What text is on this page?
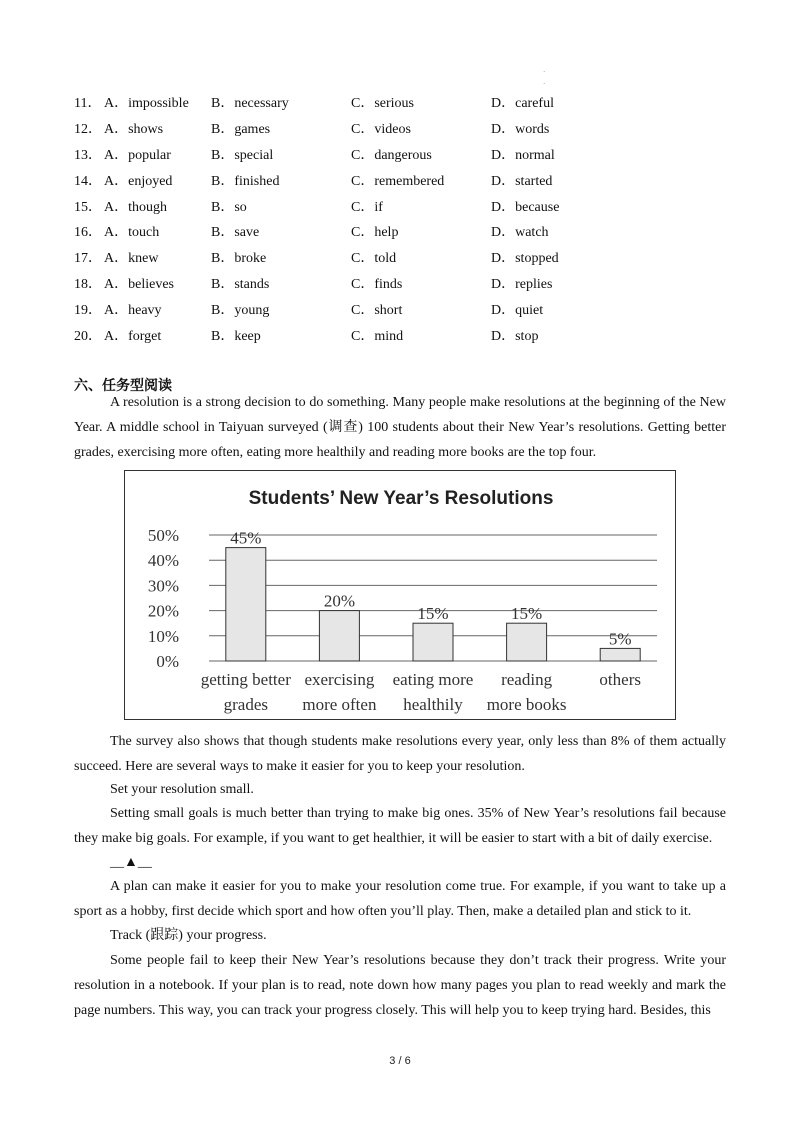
·
·
11． A．impossible B．necessary	C．serious	D．careful
12． A．shows	B．games	C．videos	D．words
13． A．popular	B．special	C．dangerous	D．normal
14． A．enjoyed	B．finished	C．remembered	D．started
15． A．though	B．so	C．if	D．because
16． A．touch	B．save	C．help	D．watch
17． A．knew	B．broke	C．told	D．stopped
18． A．believes	B．stands	C．finds	D．replies
19． A．heavy	B．young	C．short	D．quiet
20． A．forget	B．keep	C．mind	D．stop
六、任务型阅读

A resolution is a strong decision to do something. Many people make resolutions at the beginning of the New Year. A middle school in Taiyuan surveyed (调查) 100 students about their New Year’s resolutions. Getting better grades, exercising more often, eating more healthily and reading more books are the top four.

Students’ New Year’s Resolutions
0%
10%
20%
30%
40%
50%	45%
getting better
grades
20%
exercising
more often
15%
eating more
healthily
15%
reading
more books
5%
others

The survey also shows that though students make resolutions every year, only less than 8% of them actually succeed. Here are several ways to make it easier for you to keep your resolution.

Set your resolution small.

Setting small goals is much better than trying to make big ones. 35% of New Year’s resolutions fail because they make big goals. For example, if you want to get healthier, it will be easier to start with a bit of daily exercise.

__▲__

A plan can make it easier for you to make your resolution come true. For example, if you want to take up a sport as a hobby, first decide which sport and how often you’ll play. Then, make a detailed plan and stick to it.

Track (跟踪) your progress.

Some people fail to keep their New Year’s resolutions because they don’t track their progress. Write your resolution in a notebook. If your plan is to read, note down how many pages you plan to read weekly and mark the page numbers. This way, you can track your progress closely. This will help you to keep trying hard. Besides, this

3 / 6
